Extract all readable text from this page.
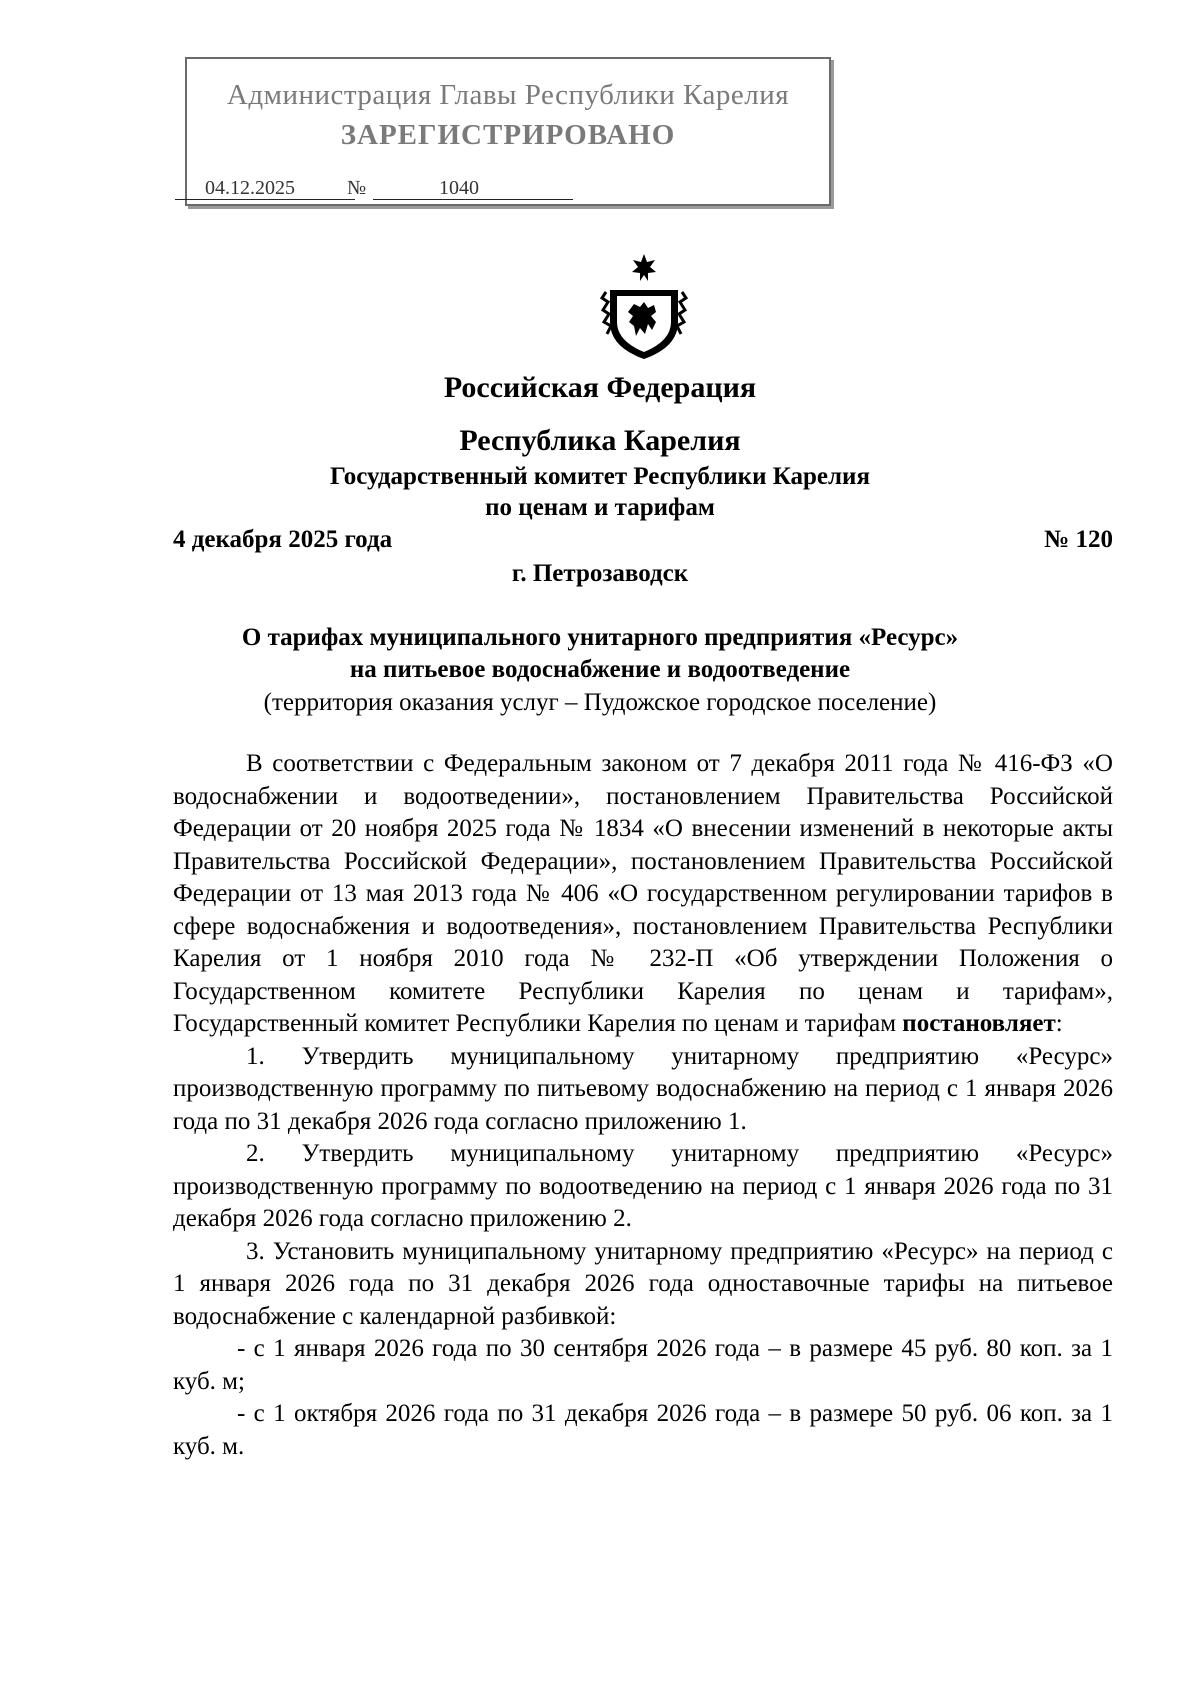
Администрация Главы Республики Карелия
ЗАРЕГИСТРИРОВАНО
04.12.2025	№	1040
Российская Федерация
Республика Карелия
Государственный комитет Республики Карелия
по ценам и тарифам
4 декабря 2025 года	№ 120
г. Петрозаводск
О тарифах муниципального унитарного предприятия «Ресурс»
на питьевое водоснабжение и водоотведение
(территория оказания услуг – Пудожское городское поселение)

В соответствии с Федеральным законом от 7 декабря 2011 года № 416-ФЗ «О водоснабжении и водоотведении», постановлением Правительства Российской Федерации от 20 ноября 2025 года № 1834 «О внесении изменений в некоторые акты Правительства Российской Федерации», постановлением Правительства Российской Федерации от 13 мая 2013 года № 406 «О государственном регулировании тарифов в сфере водоснабжения и водоотведения», постановлением Правительства Республики Карелия от 1 ноября 2010 года № 232-П «Об утверждении Положения о Государственном комитете Республики Карелия по ценам и тарифам», Государственный комитет Республики Карелия по ценам и тарифам постановляет:

1. Утвердить муниципальному унитарному предприятию «Ресурс» производственную программу по питьевому водоснабжению на период с 1 января 2026 года по 31 декабря 2026 года согласно приложению 1.

2. Утвердить муниципальному унитарному предприятию «Ресурс» производственную программу по водоотведению на период с 1 января 2026 года по 31 декабря 2026 года согласно приложению 2.

3. Установить муниципальному унитарному предприятию «Ресурс» на период с 1 января 2026 года по 31 декабря 2026 года одноставочные тарифы на питьевое водоснабжение с календарной разбивкой:

- с 1 января 2026 года по 30 сентября 2026 года – в размере 45 руб. 80 коп. за 1 куб. м;

- с 1 октября 2026 года по 31 декабря 2026 года – в размере 50 руб. 06 коп. за 1 куб. м.
